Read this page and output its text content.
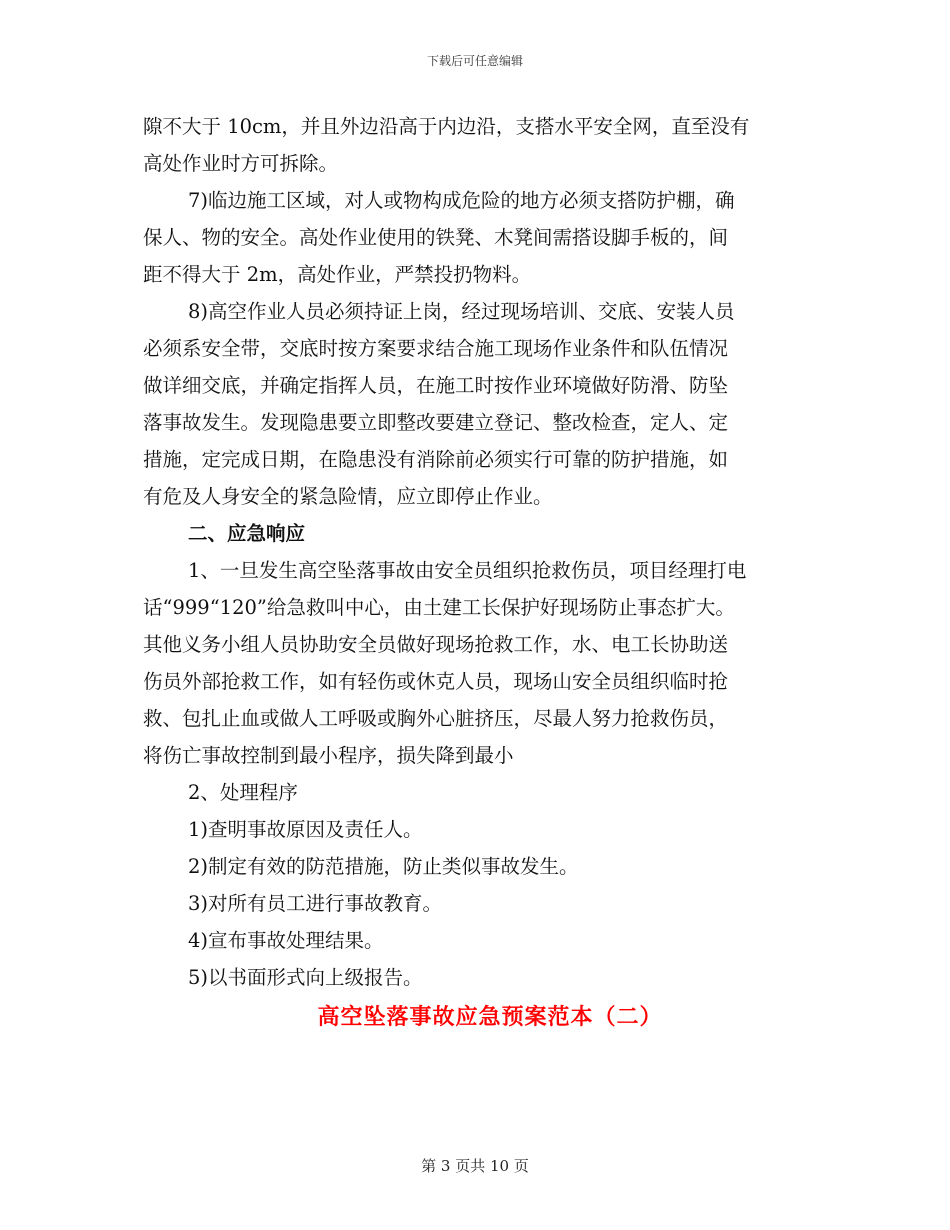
下载后可任意编辑

隙不大于 10cm，并且外边沿高于内边沿，支搭水平安全网，直至没有
高处作业时方可拆除。

7)临边施工区域，对人或物构成危险的地方必须支搭防护棚，确
保人、物的安全。高处作业使用的铁凳、木凳间需搭设脚手板的，间
距不得大于 2m，高处作业，严禁投扔物料。

8)高空作业人员必须持证上岗，经过现场培训、交底、安装人员
必须系安全带，交底时按方案要求结合施工现场作业条件和队伍情况
做详细交底，并确定指挥人员，在施工时按作业环境做好防滑、防坠
落事故发生。发现隐患要立即整改要建立登记、整改检查，定人、定
措施，定完成日期，在隐患没有消除前必须实行可靠的防护措施，如
有危及人身安全的紧急险情，应立即停止作业。

二、应急响应

1、一旦发生高空坠落事故由安全员组织抢救伤员，项目经理打电
话“999“120”给急救叫中心，由土建工长保护好现场防止事态扩大。
其他义务小组人员协助安全员做好现场抢救工作，水、电工长协助送
伤员外部抢救工作，如有轻伤或休克人员，现场山安全员组织临时抢
救、包扎止血或做人工呼吸或胸外心脏挤压，尽最人努力抢救伤员，
将伤亡事故控制到最小程序，损失降到最小

2、处理程序

1)查明事故原因及责任人。

2)制定有效的防范措施，防止类似事故发生。

3)对所有员工进行事故教育。

4)宣布事故处理结果。

5)以书面形式向上级报告。

高空坠落事故应急预案范本（二）
第 3 页共 10 页
